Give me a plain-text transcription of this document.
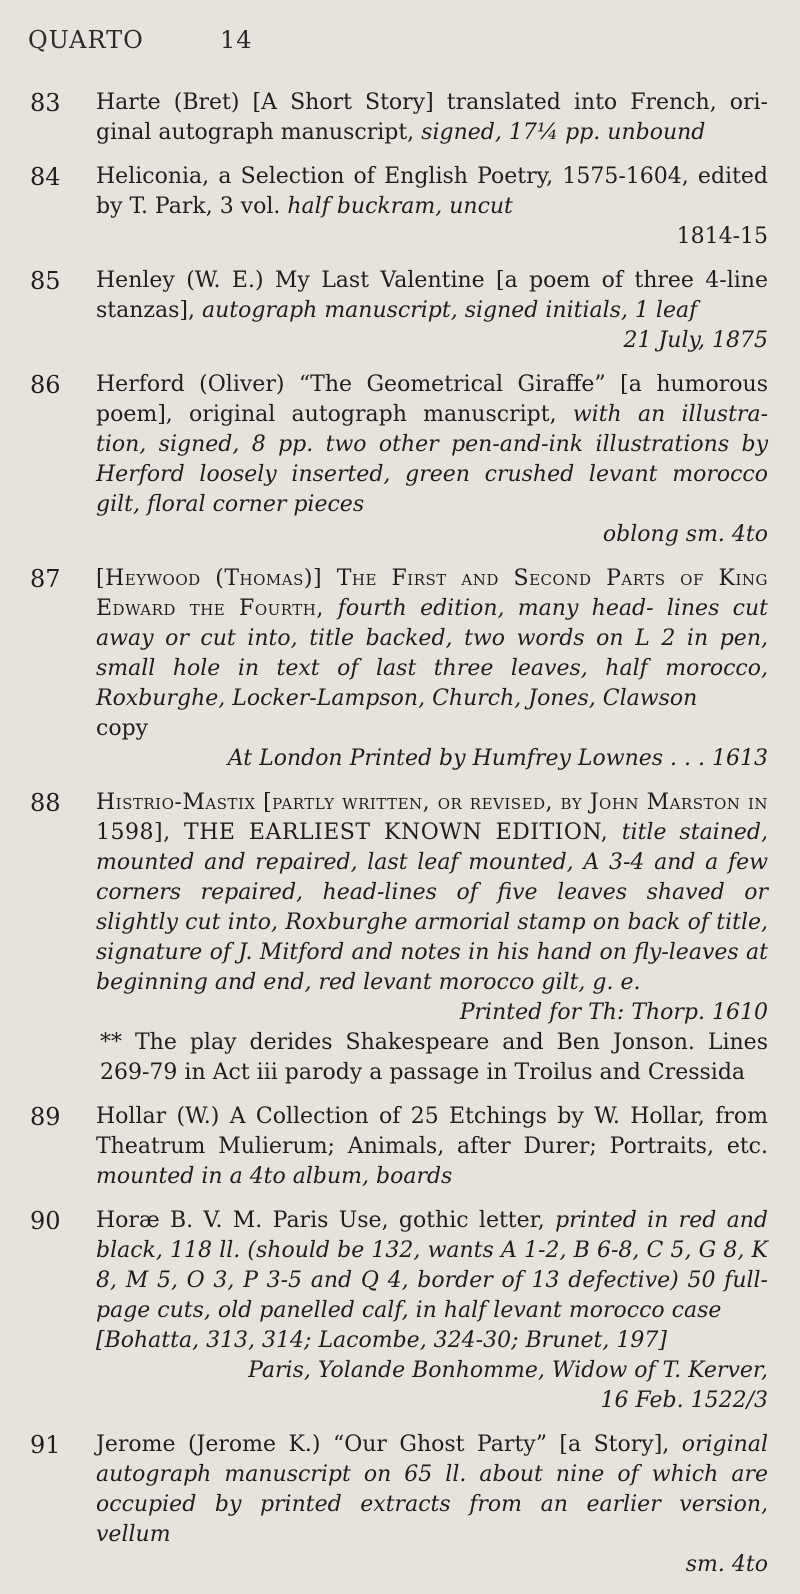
QUARTO	14
83 Harte (Bret) [A Short Story] translated into French, ori- ginal autograph manuscript, signed, 17¼ pp. unbound
84 Heliconia, a Selection of English Poetry, 1575-1604, edited by T. Park, 3 vol. half buckram, uncut
1814-15
85 Henley (W. E.) My Last Valentine [a poem of three 4-line stanzas], autograph manuscript, signed initials, 1 leaf
21 July, 1875
86 Herford (Oliver) “The Geometrical Giraffe” [a humorous poem], original autograph manuscript, with an illustra- tion, signed, 8 pp. two other pen-and-ink illustrations by Herford loosely inserted, green crushed levant morocco gilt, floral corner pieces
oblong sm. 4to
87 [Heywood (Thomas)] The First and Second Parts of King Edward the Fourth, fourth edition, many head- lines cut away or cut into, title backed, two words on L 2 in pen, small hole in text of last three leaves, half morocco, Roxburghe, Locker-Lampson, Church, Jones, Clawson
copy
At London Printed by Humfrey Lownes . . . 1613
88 Histrio-Mastix [partly written, or revised, by John Marston in 1598], THE EARLIEST KNOWN EDITION, title stained, mounted and repaired, last leaf mounted, A 3-4 and a few corners repaired, head-lines of five leaves shaved or slightly cut into, Roxburghe armorial stamp on back of title, signature of J. Mitford and notes in his hand on fly-leaves at beginning and end, red levant morocco gilt, g. e.
Printed for Th: Thorp. 1610
** The play derides Shakespeare and Ben Jonson. Lines 269-79 in Act iii parody a passage in Troilus and Cressida
89 Hollar (W.) A Collection of 25 Etchings by W. Hollar, from Theatrum Mulierum; Animals, after Durer; Portraits, etc. mounted in a 4to album, boards
90 Horæ B. V. M. Paris Use, gothic letter, printed in red and black, 118 ll. (should be 132, wants A 1-2, B 6-8, C 5, G 8, K 8, M 5, O 3, P 3-5 and Q 4, border of 13 defective) 50 full- page cuts, old panelled calf, in half levant morocco case
[Bohatta, 313, 314; Lacombe, 324-30; Brunet, 197]
Paris, Yolande Bonhomme, Widow of T. Kerver,
16 Feb. 1522/3
91 Jerome (Jerome K.) “Our Ghost Party” [a Story], original autograph manuscript on 65 ll. about nine of which are occupied by printed extracts from an earlier version, vellum
sm. 4to
